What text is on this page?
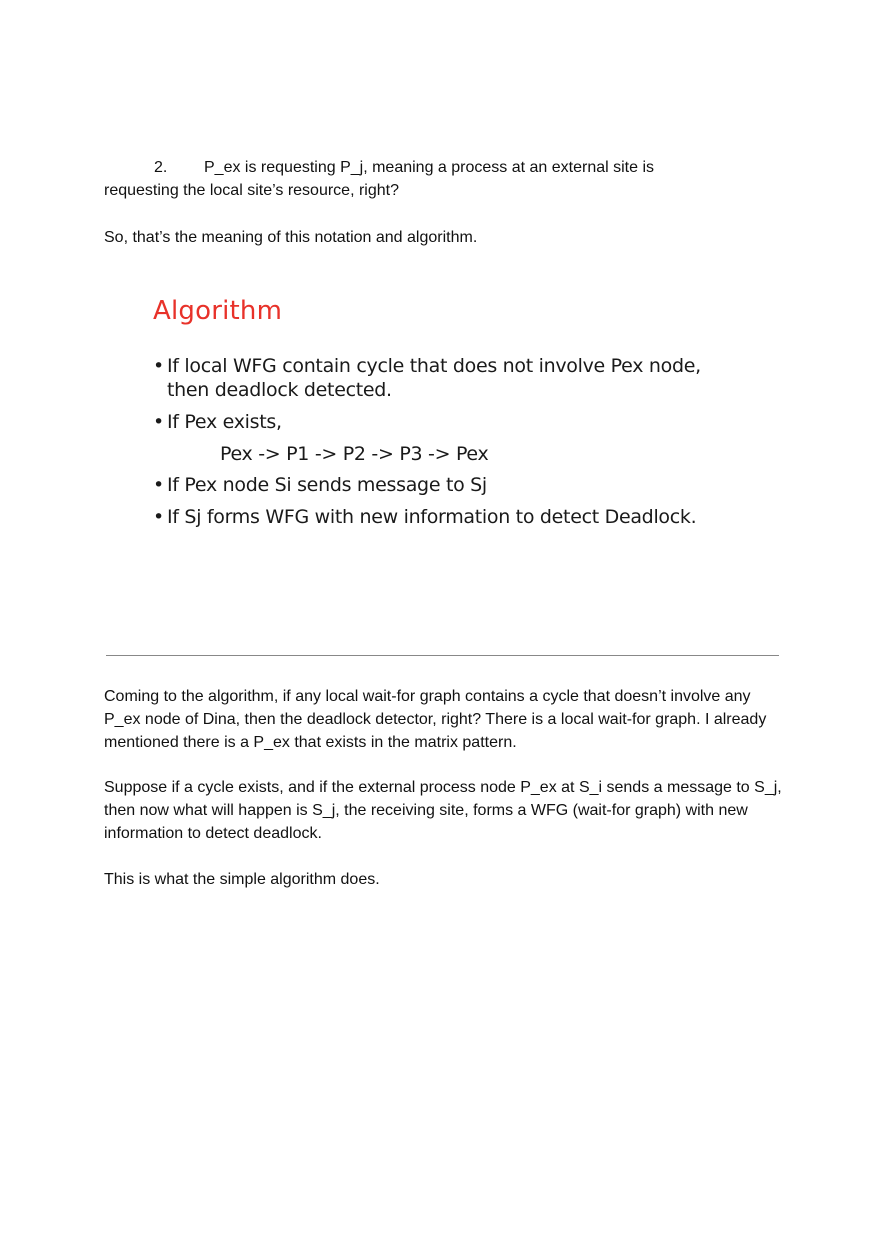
2. P_ex is requesting P_j, meaning a process at an external site is
requesting the local site’s resource, right?

So, that’s the meaning of this notation and algorithm.

Algorithm
• If local WFG contain cycle that does not involve Pex node,
then deadlock detected.
• If Pex exists,
Pex -> P1 -> P2 -> P3 -> Pex
• If Pex node Si sends message to Sj
• If Sj forms WFG with new information to detect Deadlock.

Coming to the algorithm, if any local wait-for graph contains a cycle that doesn’t involve any P_ex node of Dina, then the deadlock detector, right? There is a local wait-for graph. I already mentioned there is a P_ex that exists in the matrix pattern.

Suppose if a cycle exists, and if the external process node P_ex at S_i sends a message to S_j, then now what will happen is S_j, the receiving site, forms a WFG (wait-for graph) with new information to detect deadlock.

This is what the simple algorithm does.
